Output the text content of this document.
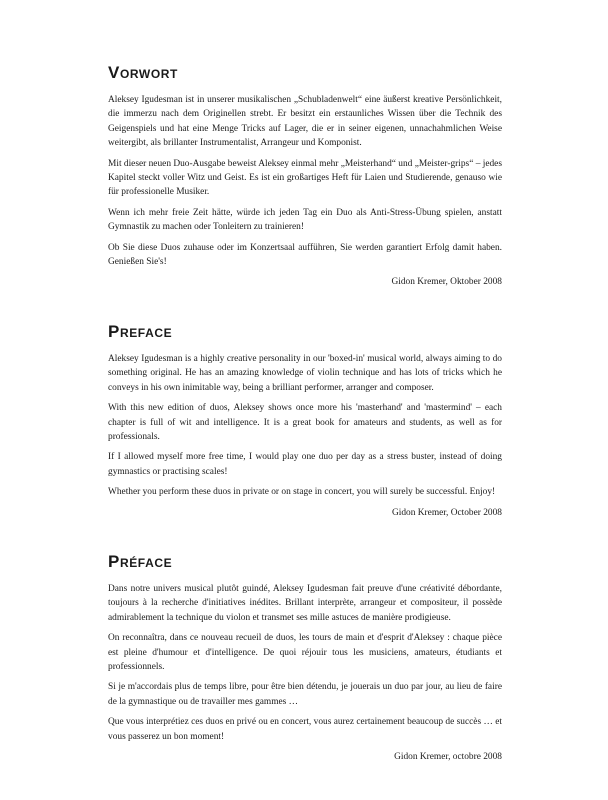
Vorwort

Aleksey Igudesman ist in unserer musikalischen „Schubladenwelt“ eine äußerst kreative Persönlichkeit, die immerzu nach dem Originellen strebt. Er besitzt ein erstaunliches Wissen über die Technik des Geigenspiels und hat eine Menge Tricks auf Lager, die er in seiner eigenen, unnachahmlichen Weise weitergibt, als brillanter Instrumentalist, Arrangeur und Komponist.

Mit dieser neuen Duo-Ausgabe beweist Aleksey einmal mehr „Meisterhand“ und „Meister-grips“ – jedes Kapitel steckt voller Witz und Geist. Es ist ein großartiges Heft für Laien und Studierende, genauso wie für professionelle Musiker.

Wenn ich mehr freie Zeit hätte, würde ich jeden Tag ein Duo als Anti-Stress-Übung spielen, anstatt Gymnastik zu machen oder Tonleitern zu trainieren!

Ob Sie diese Duos zuhause oder im Konzertsaal aufführen, Sie werden garantiert Erfolg damit haben. Genießen Sie's!

Gidon Kremer, Oktober 2008

Preface

Aleksey Igudesman is a highly creative personality in our 'boxed-in' musical world, always aiming to do something original. He has an amazing knowledge of violin technique and has lots of tricks which he conveys in his own inimitable way, being a brilliant performer, arranger and composer.

With this new edition of duos, Aleksey shows once more his 'masterhand' and 'mastermind' – each chapter is full of wit and intelligence. It is a great book for amateurs and students, as well as for professionals.

If I allowed myself more free time, I would play one duo per day as a stress buster, instead of doing gymnastics or practising scales!

Whether you perform these duos in private or on stage in concert, you will surely be successful. Enjoy!

Gidon Kremer, October 2008

Préface

Dans notre univers musical plutôt guindé, Aleksey Igudesman fait preuve d'une créativité débordante, toujours à la recherche d'initiatives inédites. Brillant interprète, arrangeur et compositeur, il possède admirablement la technique du violon et transmet ses mille astuces de manière prodigieuse.

On reconnaîtra, dans ce nouveau recueil de duos, les tours de main et d'esprit d'Aleksey : chaque pièce est pleine d'humour et d'intelligence. De quoi réjouir tous les musiciens, amateurs, étudiants et professionnels.

Si je m'accordais plus de temps libre, pour être bien détendu, je jouerais un duo par jour, au lieu de faire de la gymnastique ou de travailler mes gammes …

Que vous interprétiez ces duos en privé ou en concert, vous aurez certainement beaucoup de succès … et vous passerez un bon moment!

Gidon Kremer, octobre 2008
